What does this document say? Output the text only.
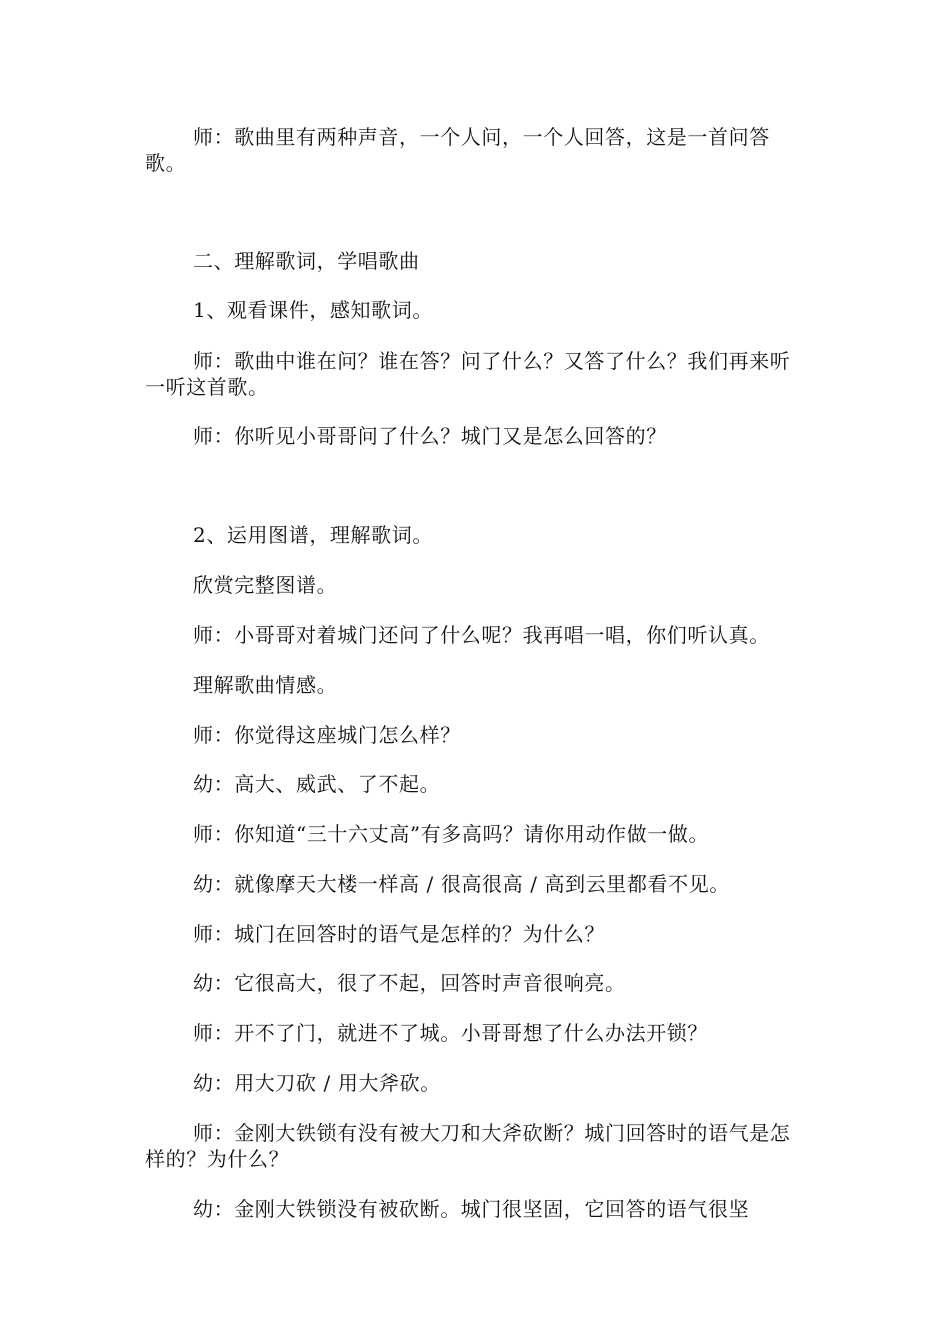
师：歌曲里有两种声音，一个人问，一个人回答，这是一首问答歌。

二、理解歌词，学唱歌曲

1、观看课件，感知歌词。

师：歌曲中谁在问？谁在答？问了什么？又答了什么？我们再来听一听这首歌。

师：你听见小哥哥问了什么？城门又是怎么回答的？

2、运用图谱，理解歌词。

欣赏完整图谱。

师：小哥哥对着城门还问了什么呢？我再唱一唱，你们听认真。

理解歌曲情感。

师：你觉得这座城门怎么样？

幼：高大、威武、了不起。

师：你知道“三十六丈高”有多高吗？请你用动作做一做。

幼：就像摩天大楼一样高 / 很高很高 / 高到云里都看不见。

师：城门在回答时的语气是怎样的？为什么？

幼：它很高大，很了不起，回答时声音很响亮。

师：开不了门，就进不了城。小哥哥想了什么办法开锁？

幼：用大刀砍 / 用大斧砍。

师：金刚大铁锁有没有被大刀和大斧砍断？城门回答时的语气是怎样的？为什么？

幼：金刚大铁锁没有被砍断。城门很坚固，它回答的语气很坚
